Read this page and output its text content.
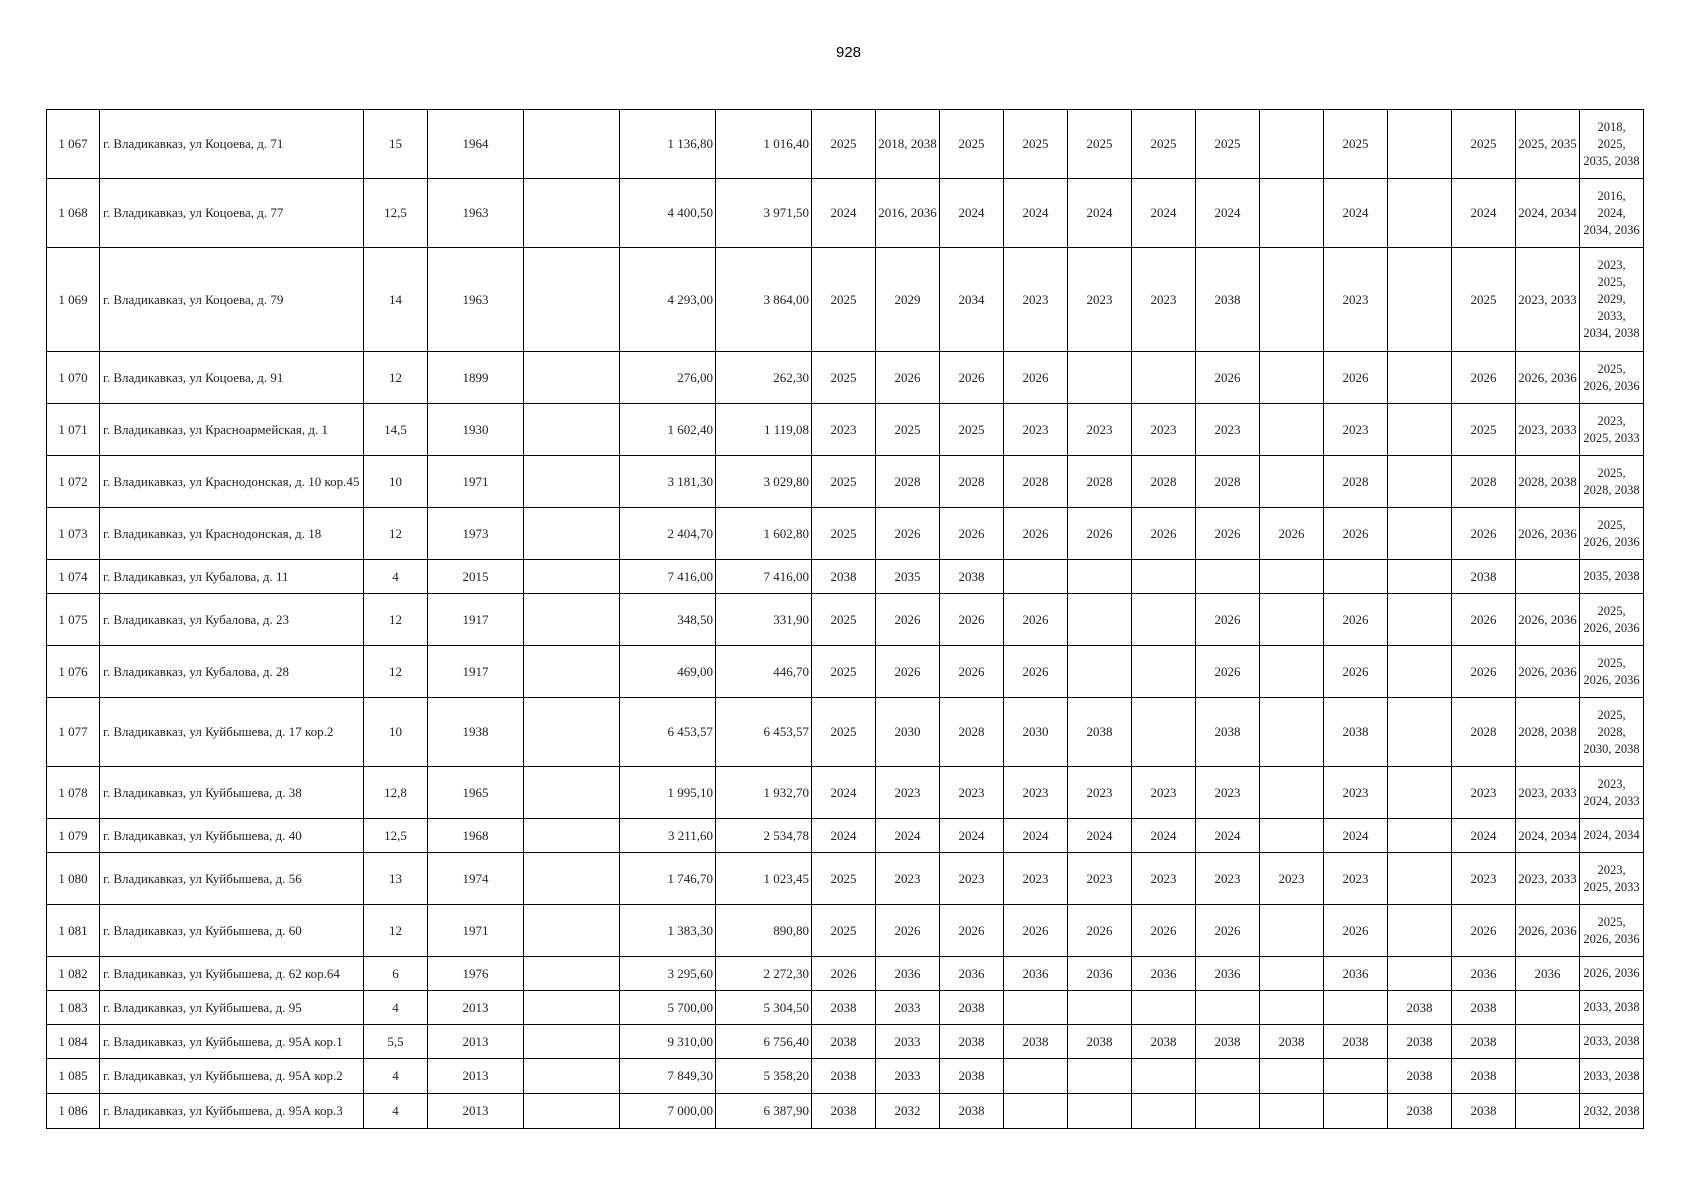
928
1 067	г. Владикавказ, ул Коцоева, д. 71	15	1964		1 136,80	1 016,40	2025	2018, 2038	2025	2025	2025	2025	2025		2025		2025	2025, 2035	2018, 2025, 2035, 2038
1 068	г. Владикавказ, ул Коцоева, д. 77	12,5	1963		4 400,50	3 971,50	2024	2016, 2036	2024	2024	2024	2024	2024		2024		2024	2024, 2034	2016, 2024, 2034, 2036
1 069	г. Владикавказ, ул Коцоева, д. 79	14	1963		4 293,00	3 864,00	2025	2029	2034	2023	2023	2023	2038		2023		2025	2023, 2033	2023, 2025, 2029, 2033, 2034, 2038
1 070	г. Владикавказ, ул Коцоева, д. 91	12	1899		276,00	262,30	2025	2026	2026	2026			2026		2026		2026	2026, 2036	2025, 2026, 2036
1 071	г. Владикавказ, ул Красноармейская, д. 1	14,5	1930		1 602,40	1 119,08	2023	2025	2025	2023	2023	2023	2023		2023		2025	2023, 2033	2023, 2025, 2033
1 072	г. Владикавказ, ул Краснодонская, д. 10 кор.45	10	1971		3 181,30	3 029,80	2025	2028	2028	2028	2028	2028	2028		2028		2028	2028, 2038	2025, 2028, 2038
1 073	г. Владикавказ, ул Краснодонская, д. 18	12	1973		2 404,70	1 602,80	2025	2026	2026	2026	2026	2026	2026	2026	2026		2026	2026, 2036	2025, 2026, 2036
1 074	г. Владикавказ, ул Кубалова, д. 11	4	2015		7 416,00	7 416,00	2038	2035	2038								2038		2035, 2038
1 075	г. Владикавказ, ул Кубалова, д. 23	12	1917		348,50	331,90	2025	2026	2026	2026			2026		2026		2026	2026, 2036	2025, 2026, 2036
1 076	г. Владикавказ, ул Кубалова, д. 28	12	1917		469,00	446,70	2025	2026	2026	2026			2026		2026		2026	2026, 2036	2025, 2026, 2036
1 077	г. Владикавказ, ул Куйбышева, д. 17 кор.2	10	1938		6 453,57	6 453,57	2025	2030	2028	2030	2038		2038		2038		2028	2028, 2038	2025, 2028, 2030, 2038
1 078	г. Владикавказ, ул Куйбышева, д. 38	12,8	1965		1 995,10	1 932,70	2024	2023	2023	2023	2023	2023	2023		2023		2023	2023, 2033	2023, 2024, 2033
1 079	г. Владикавказ, ул Куйбышева, д. 40	12,5	1968		3 211,60	2 534,78	2024	2024	2024	2024	2024	2024	2024		2024		2024	2024, 2034	2024, 2034
1 080	г. Владикавказ, ул Куйбышева, д. 56	13	1974		1 746,70	1 023,45	2025	2023	2023	2023	2023	2023	2023	2023	2023		2023	2023, 2033	2023, 2025, 2033
1 081	г. Владикавказ, ул Куйбышева, д. 60	12	1971		1 383,30	890,80	2025	2026	2026	2026	2026	2026	2026		2026		2026	2026, 2036	2025, 2026, 2036
1 082	г. Владикавказ, ул Куйбышева, д. 62 кор.64	6	1976		3 295,60	2 272,30	2026	2036	2036	2036	2036	2036	2036		2036		2036	2036	2026, 2036
1 083	г. Владикавказ, ул Куйбышева, д. 95	4	2013		5 700,00	5 304,50	2038	2033	2038							2038	2038		2033, 2038
1 084	г. Владикавказ, ул Куйбышева, д. 95А кор.1	5,5	2013		9 310,00	6 756,40	2038	2033	2038	2038	2038	2038	2038	2038	2038	2038	2038		2033, 2038
1 085	г. Владикавказ, ул Куйбышева, д. 95А кор.2	4	2013		7 849,30	5 358,20	2038	2033	2038							2038	2038		2033, 2038
1 086	г. Владикавказ, ул Куйбышева, д. 95А кор.3	4	2013		7 000,00	6 387,90	2038	2032	2038							2038	2038		2032, 2038
